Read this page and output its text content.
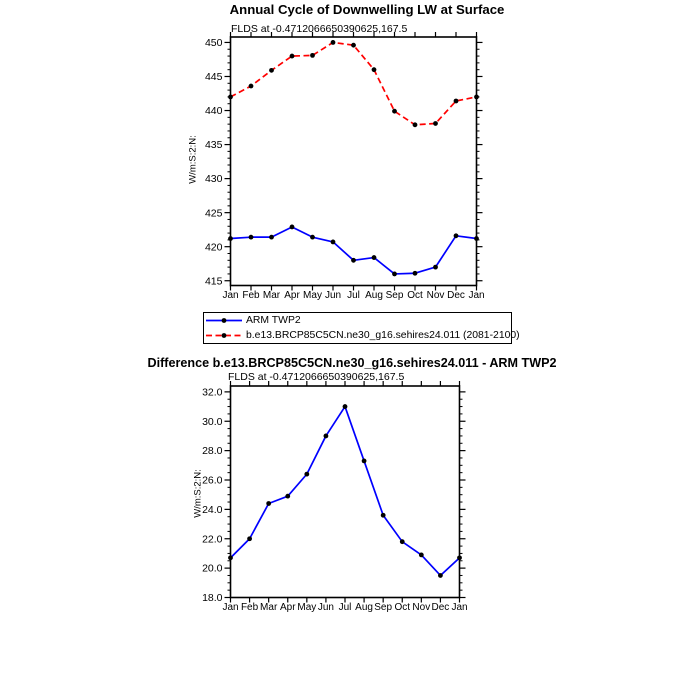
Jan Feb Mar Apr May Jun Jul Aug Sep Oct Nov Dec Jan
415
420
425
430
435
440
445
450
Jan Feb Mar Apr May Jun Jul Aug Sep Oct Nov Dec Jan
18.0
20.0
22.0
24.0
26.0
28.0
30.0
32.0
Annual Cycle of Downwelling LW at Surface
FLDS at -0.4712066650390625,167.5
W/m:S:2:N:
ARM TWP2
b.e13.BRCP85C5CN.ne30_g16.sehires24.011 (2081-2100)
Difference b.e13.BRCP85C5CN.ne30_g16.sehires24.011 - ARM TWP2
FLDS at -0.4712066650390625,167.5
W/m:S:2:N:
